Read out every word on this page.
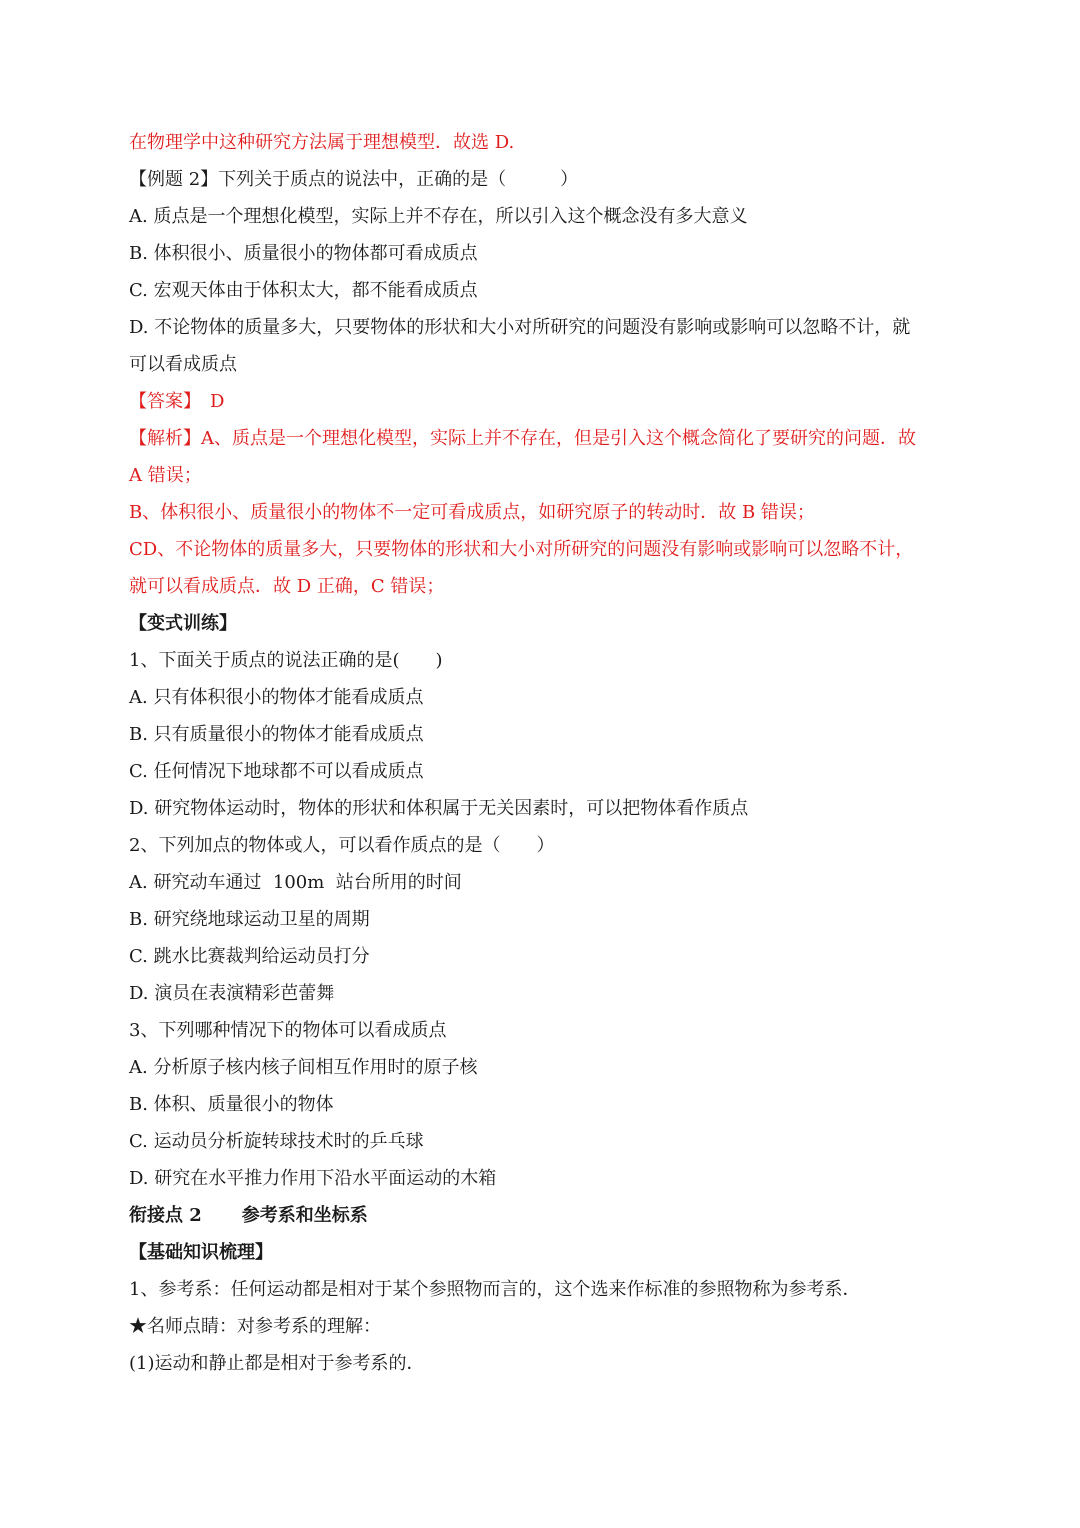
在物理学中这种研究方法属于理想模型．故选 D.

【例题 2】下列关于质点的说法中，正确的是（　　　）

A. 质点是一个理想化模型，实际上并不存在，所以引入这个概念没有多大意义

B. 体积很小、质量很小的物体都可看成质点

C. 宏观天体由于体积太大，都不能看成质点

D. 不论物体的质量多大，只要物体的形状和大小对所研究的问题没有影响或影响可以忽略不计，就

可以看成质点

【答案】　D

【解析】A、质点是一个理想化模型，实际上并不存在，但是引入这个概念简化了要研究的问题．故

A 错误；

B、体积很小、质量很小的物体不一定可看成质点，如研究原子的转动时．故 B 错误；

CD、不论物体的质量多大，只要物体的形状和大小对所研究的问题没有影响或影响可以忽略不计，

就可以看成质点．故 D 正确，C 错误；

【变式训练】

1、下面关于质点的说法正确的是(　　)

A. 只有体积很小的物体才能看成质点

B. 只有质量很小的物体才能看成质点

C. 任何情况下地球都不可以看成质点

D. 研究物体运动时，物体的形状和体积属于无关因素时，可以把物体看作质点

2、下列加点的物体或人，可以看作质点的是（　　）

A. 研究动车通过  100m  站台所用的时间

B. 研究绕地球运动卫星的周期

C. 跳水比赛裁判给运动员打分

D. 演员在表演精彩芭蕾舞

3、下列哪种情况下的物体可以看成质点

A. 分析原子核内核子间相互作用时的原子核

B. 体积、质量很小的物体

C. 运动员分析旋转球技术时的乒乓球

D. 研究在水平推力作用下沿水平面运动的木箱

衔接点 2 参考系和坐标系

【基础知识梳理】

1、参考系：任何运动都是相对于某个参照物而言的，这个选来作标准的参照物称为参考系．

★名师点睛：对参考系的理解：

(1)运动和静止都是相对于参考系的．
